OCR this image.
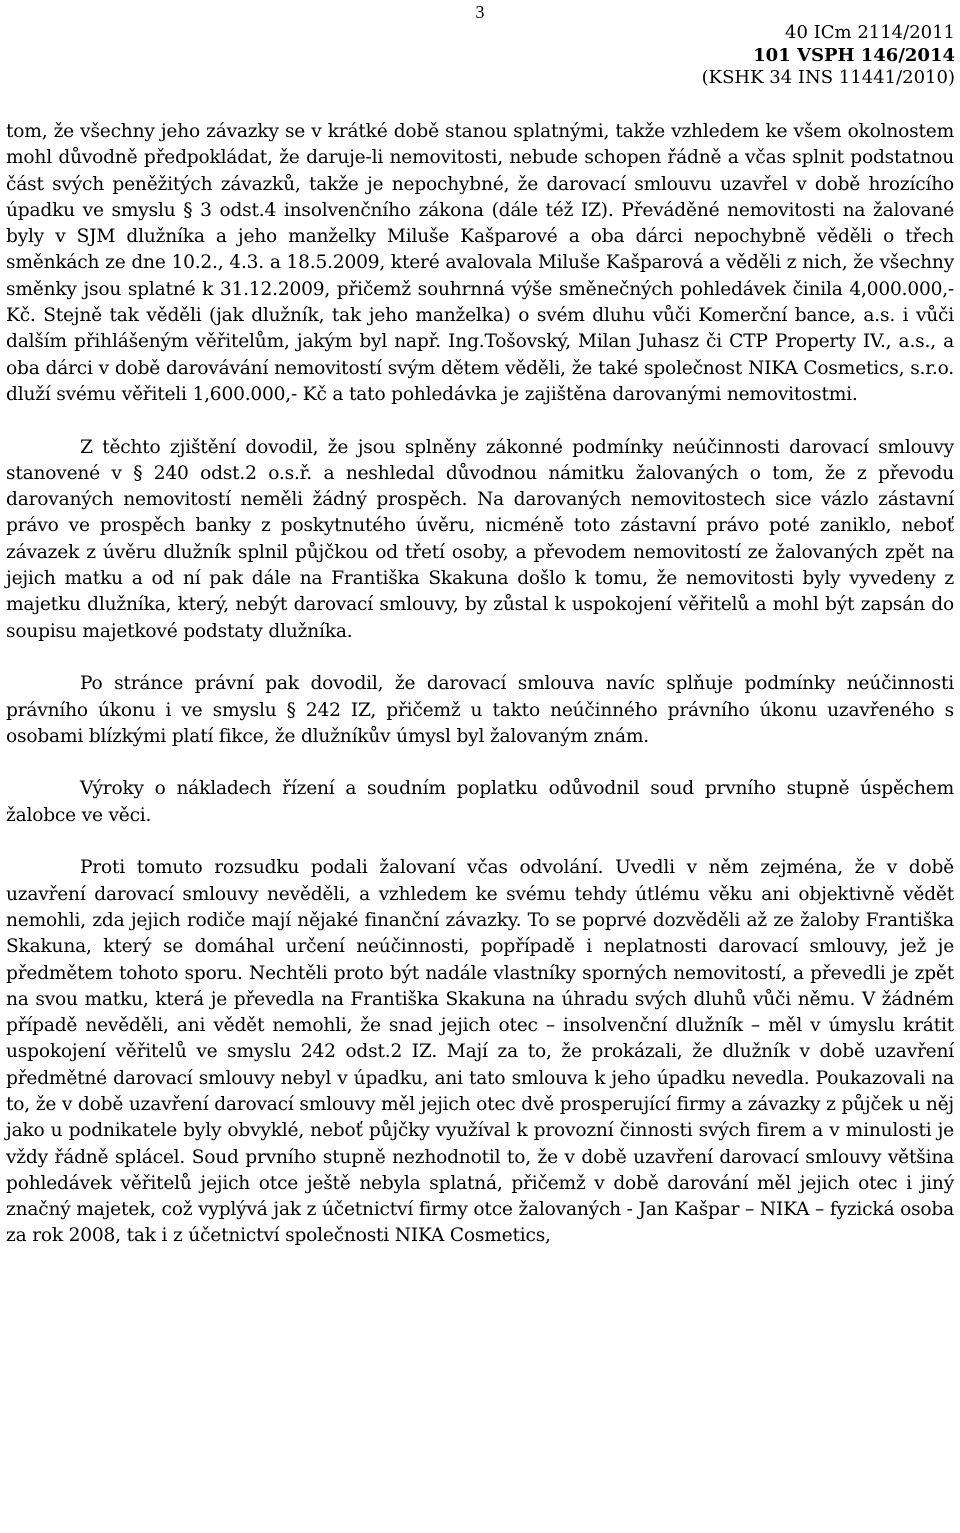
3
40 ICm 2114/2011
101 VSPH 146/2014
(KSHK 34 INS 11441/2010)

tom, že všechny jeho závazky se v krátké době stanou splatnými, takže vzhledem ke všem okolnostem mohl důvodně předpokládat, že daruje-li nemovitosti, nebude schopen řádně a včas splnit podstatnou část svých peněžitých závazků, takže je nepochybné, že darovací smlouvu uzavřel v době hrozícího úpadku ve smyslu § 3 odst.4 insolvenčního zákona (dále též IZ). Převáděné nemovitosti na žalované byly v SJM dlužníka a jeho manželky Miluše Kašparové a oba dárci nepochybně věděli o třech směnkách ze dne 10.2., 4.3. a 18.5.2009, které avalovala Miluše Kašparová a věděli z nich, že všechny směnky jsou splatné k 31.12.2009, přičemž souhrnná výše směnečných pohledávek činila 4,000.000,- Kč. Stejně tak věděli (jak dlužník, tak jeho manželka) o svém dluhu vůči Komerční bance, a.s. i vůči dalším přihlášeným věřitelům, jakým byl např. Ing.Tošovský, Milan Juhasz či CTP Property IV., a.s., a oba dárci v době darovávání nemovitostí svým dětem věděli, že také společnost NIKA Cosmetics, s.r.o. dluží svému věřiteli 1,600.000,- Kč a tato pohledávka je zajištěna darovanými nemovitostmi.

Z těchto zjištění dovodil, že jsou splněny zákonné podmínky neúčinnosti darovací smlouvy stanovené v § 240 odst.2 o.s.ř. a neshledal důvodnou námitku žalovaných o tom, že z převodu darovaných nemovitostí neměli žádný prospěch. Na darovaných nemovitostech sice vázlo zástavní právo ve prospěch banky z poskytnutého úvěru, nicméně toto zástavní právo poté zaniklo, neboť závazek z úvěru dlužník splnil půjčkou od třetí osoby, a převodem nemovitostí ze žalovaných zpět na jejich matku a od ní pak dále na Františka Skakuna došlo k tomu, že nemovitosti byly vyvedeny z majetku dlužníka, který, nebýt darovací smlouvy, by zůstal k uspokojení věřitelů a mohl být zapsán do soupisu majetkové podstaty dlužníka.

Po stránce právní pak dovodil, že darovací smlouva navíc splňuje podmínky neúčinnosti právního úkonu i ve smyslu § 242 IZ, přičemž u takto neúčinného právního úkonu uzavřeného s osobami blízkými platí fikce, že dlužníkův úmysl byl žalovaným znám.

Výroky o nákladech řízení a soudním poplatku odůvodnil soud prvního stupně úspěchem žalobce ve věci.

Proti tomuto rozsudku podali žalovaní včas odvolání. Uvedli v něm zejména, že v době uzavření darovací smlouvy nevěděli, a vzhledem ke svému tehdy útlému věku ani objektivně vědět nemohli, zda jejich rodiče mají nějaké finanční závazky. To se poprvé dozvěděli až ze žaloby Františka Skakuna, který se domáhal určení neúčinnosti, popřípadě i neplatnosti darovací smlouvy, jež je předmětem tohoto sporu. Nechtěli proto být nadále vlastníky sporných nemovitostí, a převedli je zpět na svou matku, která je převedla na Františka Skakuna na úhradu svých dluhů vůči němu. V žádném případě nevěděli, ani vědět nemohli, že snad jejich otec – insolvenční dlužník – měl v úmyslu krátit uspokojení věřitelů ve smyslu 242 odst.2 IZ. Mají za to, že prokázali, že dlužník v době uzavření předmětné darovací smlouvy nebyl v úpadku, ani tato smlouva k jeho úpadku nevedla. Poukazovali na to, že v době uzavření darovací smlouvy měl jejich otec dvě prosperující firmy a závazky z půjček u něj jako u podnikatele byly obvyklé, neboť půjčky využíval k provozní činnosti svých firem a v minulosti je vždy řádně splácel. Soud prvního stupně nezhodnotil to, že v době uzavření darovací smlouvy většina pohledávek věřitelů jejich otce ještě nebyla splatná, přičemž v době darování měl jejich otec i jiný značný majetek, což vyplývá jak z účetnictví firmy otce žalovaných - Jan Kašpar – NIKA – fyzická osoba za rok 2008, tak i z účetnictví společnosti NIKA Cosmetics,
